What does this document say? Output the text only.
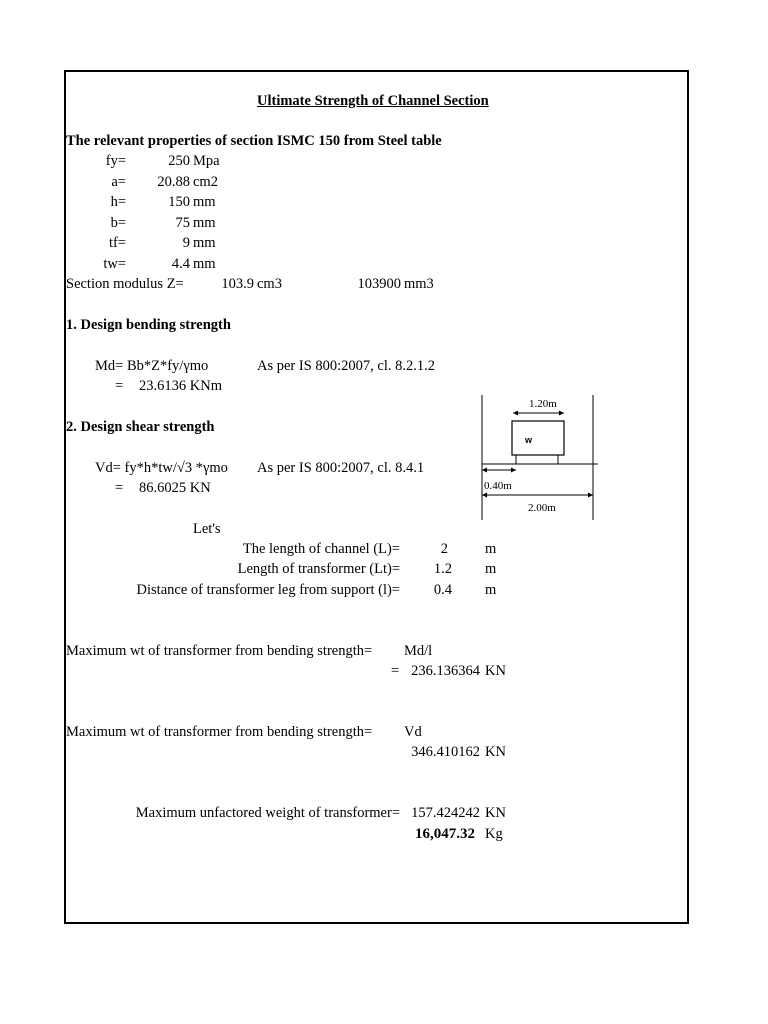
Ultimate Strength of Channel Section
The relevant properties of section ISMC 150 from Steel table
fy=	250 Mpa
a= 20.88 cm2
h=	150 mm
b=	75 mm
tf=	9 mm
tw=	4.4 mm
Section modulus Z=	103.9 cm3	103900 mm3
1. Design bending strength
Md= Bb*Z*fy/γmo	As per IS 800:2007, cl. 8.2.1.2
= 23.6136 KNm
2. Design shear strength
Vd= fy*h*tw/√3 *γmo As per IS 800:2007, cl. 8.4.1
= 86.6025 KN
1.20m
w
0.40m
2.00m
Let's
The length of channel (L)=	2	m
Length of transformer (Lt)= 1.2 m
Distance of transformer leg from support (l)= 0.4 m
Maximum wt of transformer from bending strength= Md/l
= 236.136364 KN
Maximum wt of transformer from bending strength= Vd
346.410162 KN
Maximum unfactored weight of transformer= 157.424242 KN
16,047.32 Kg
